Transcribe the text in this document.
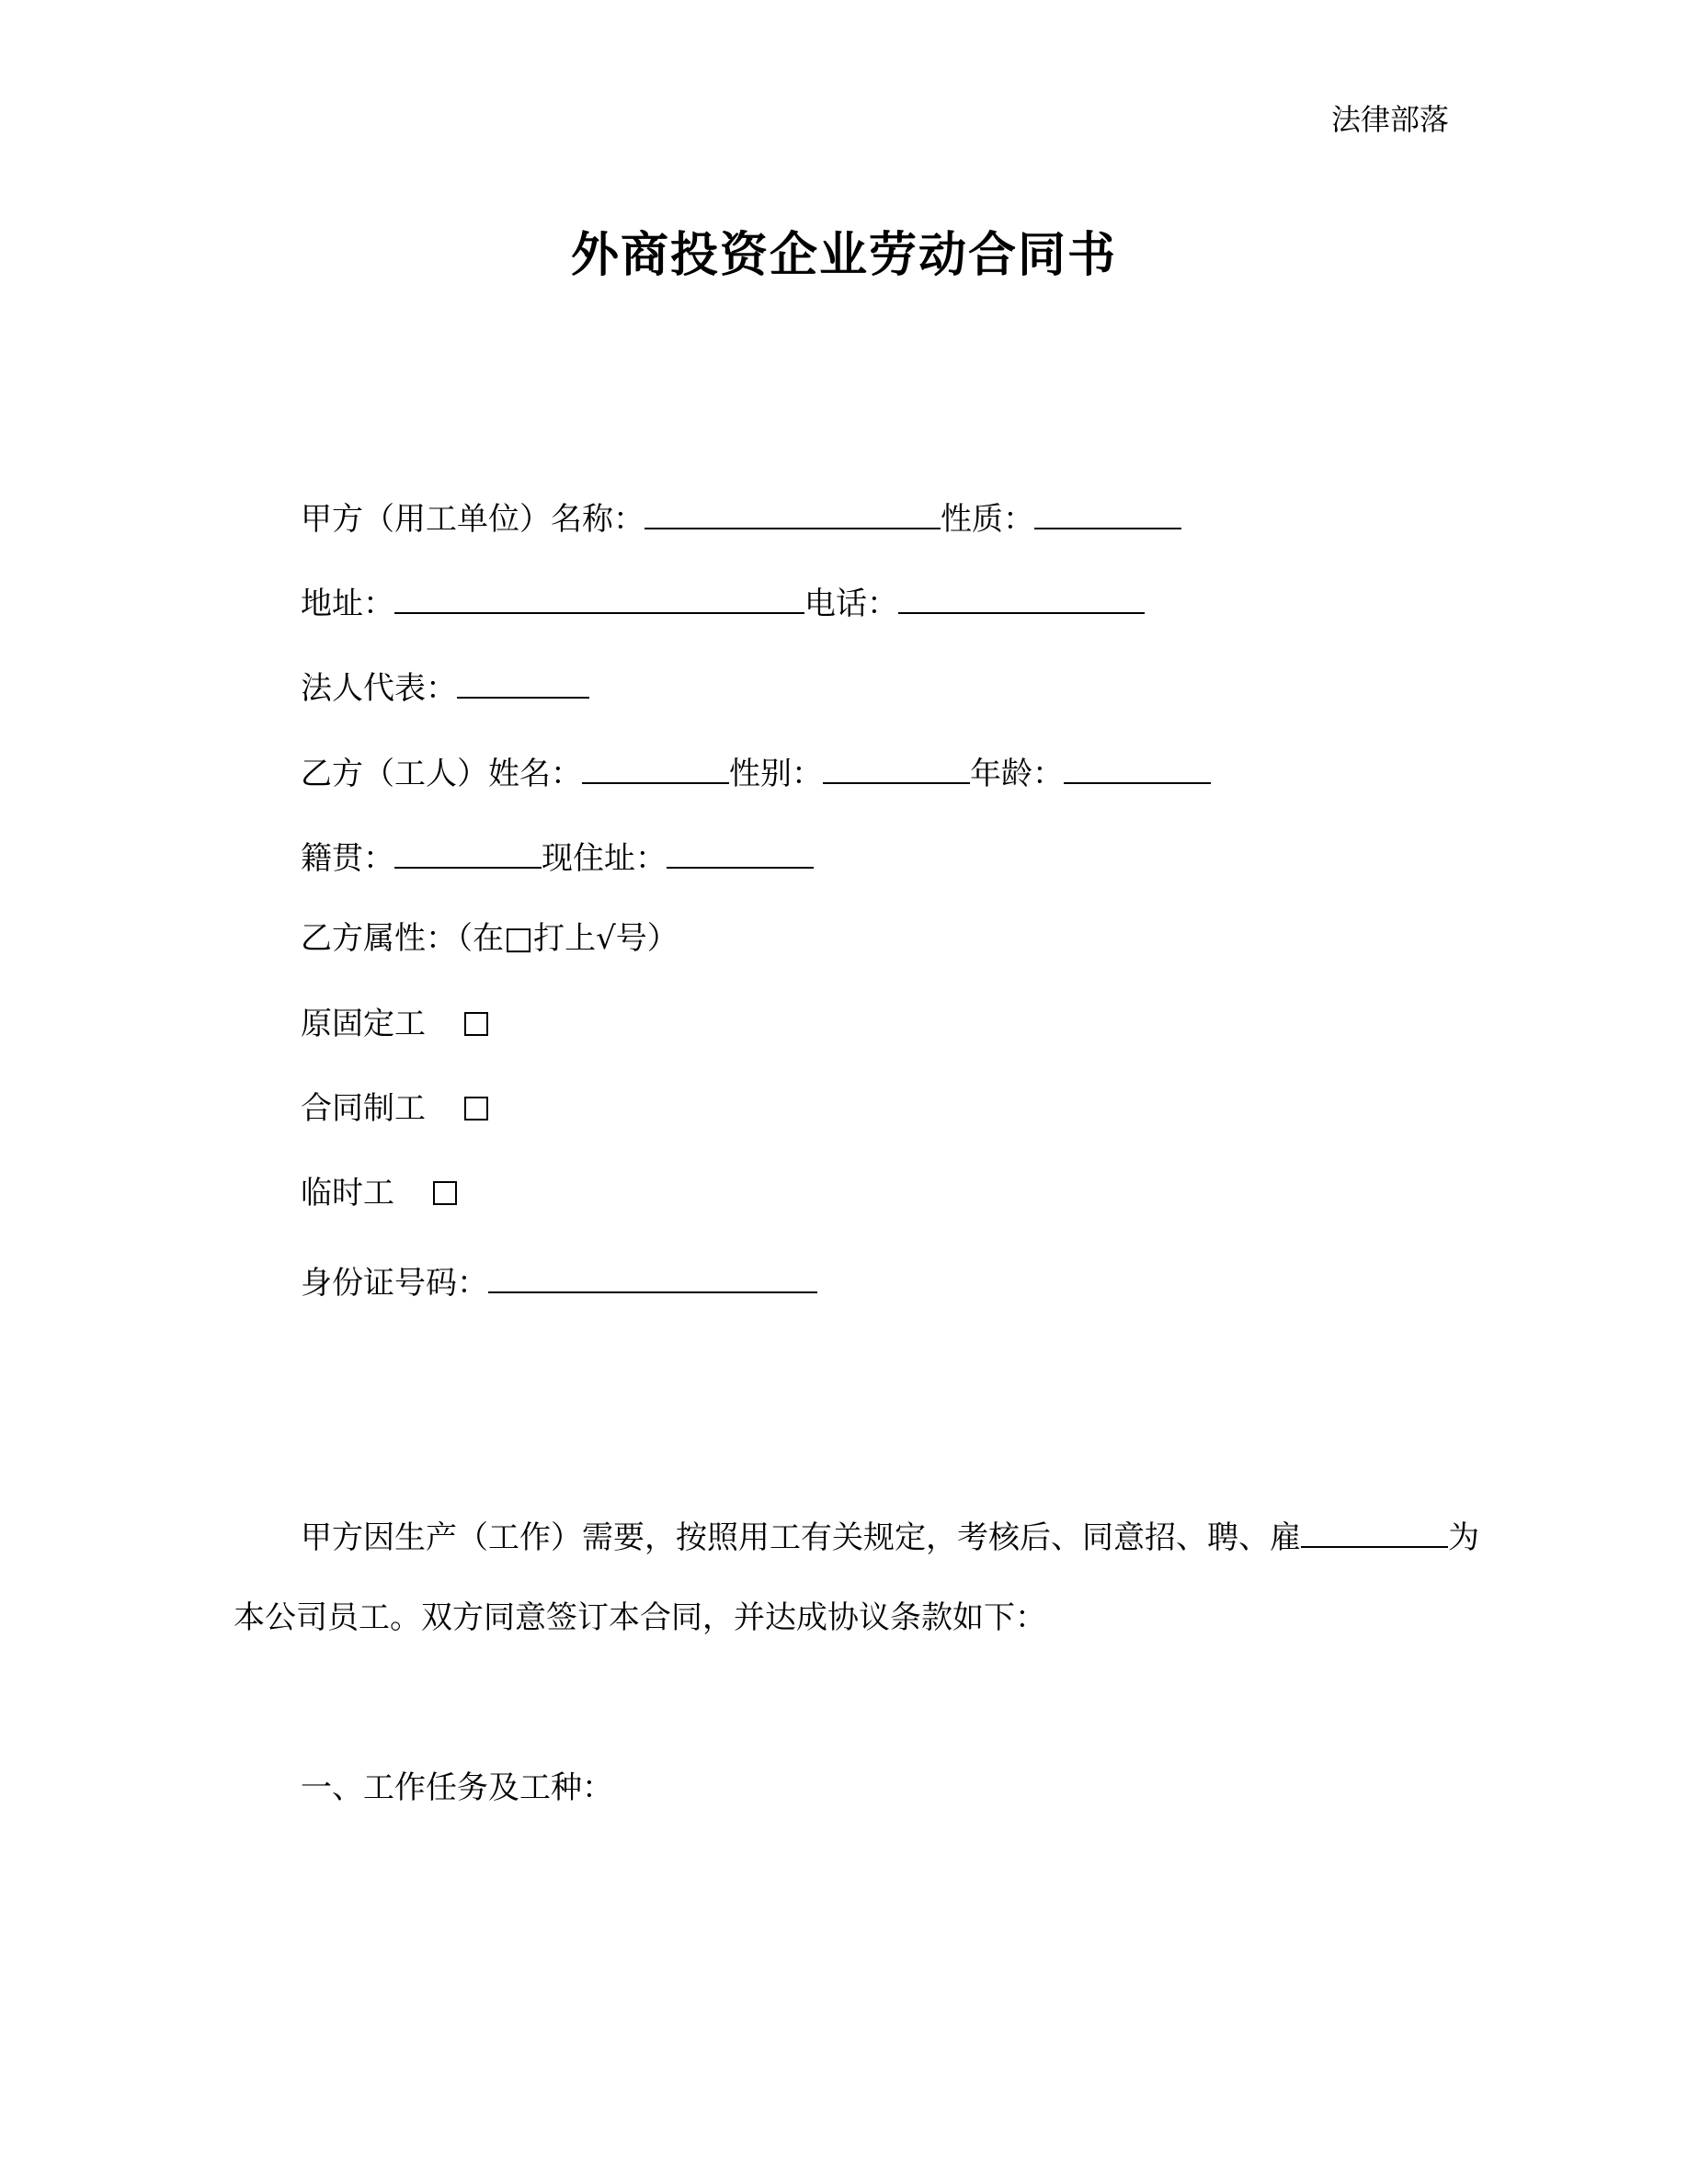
法律部落
外商投资企业劳动合同书
甲方（用工单位）名称：	性质：
地址：	电话：
法人代表：
乙方（工人）姓名：	性别：	年龄：
籍贯：	现住址：
乙方属性：（在□打上√号）
原固定工
合同制工
临时工
身份证号码：
甲方因生产（工作）需要，按照用工有关规定，考核后、同意招、聘、雇	为
本公司员工。双方同意签订本合同，并达成协议条款如下：
一、工作任务及工种：
